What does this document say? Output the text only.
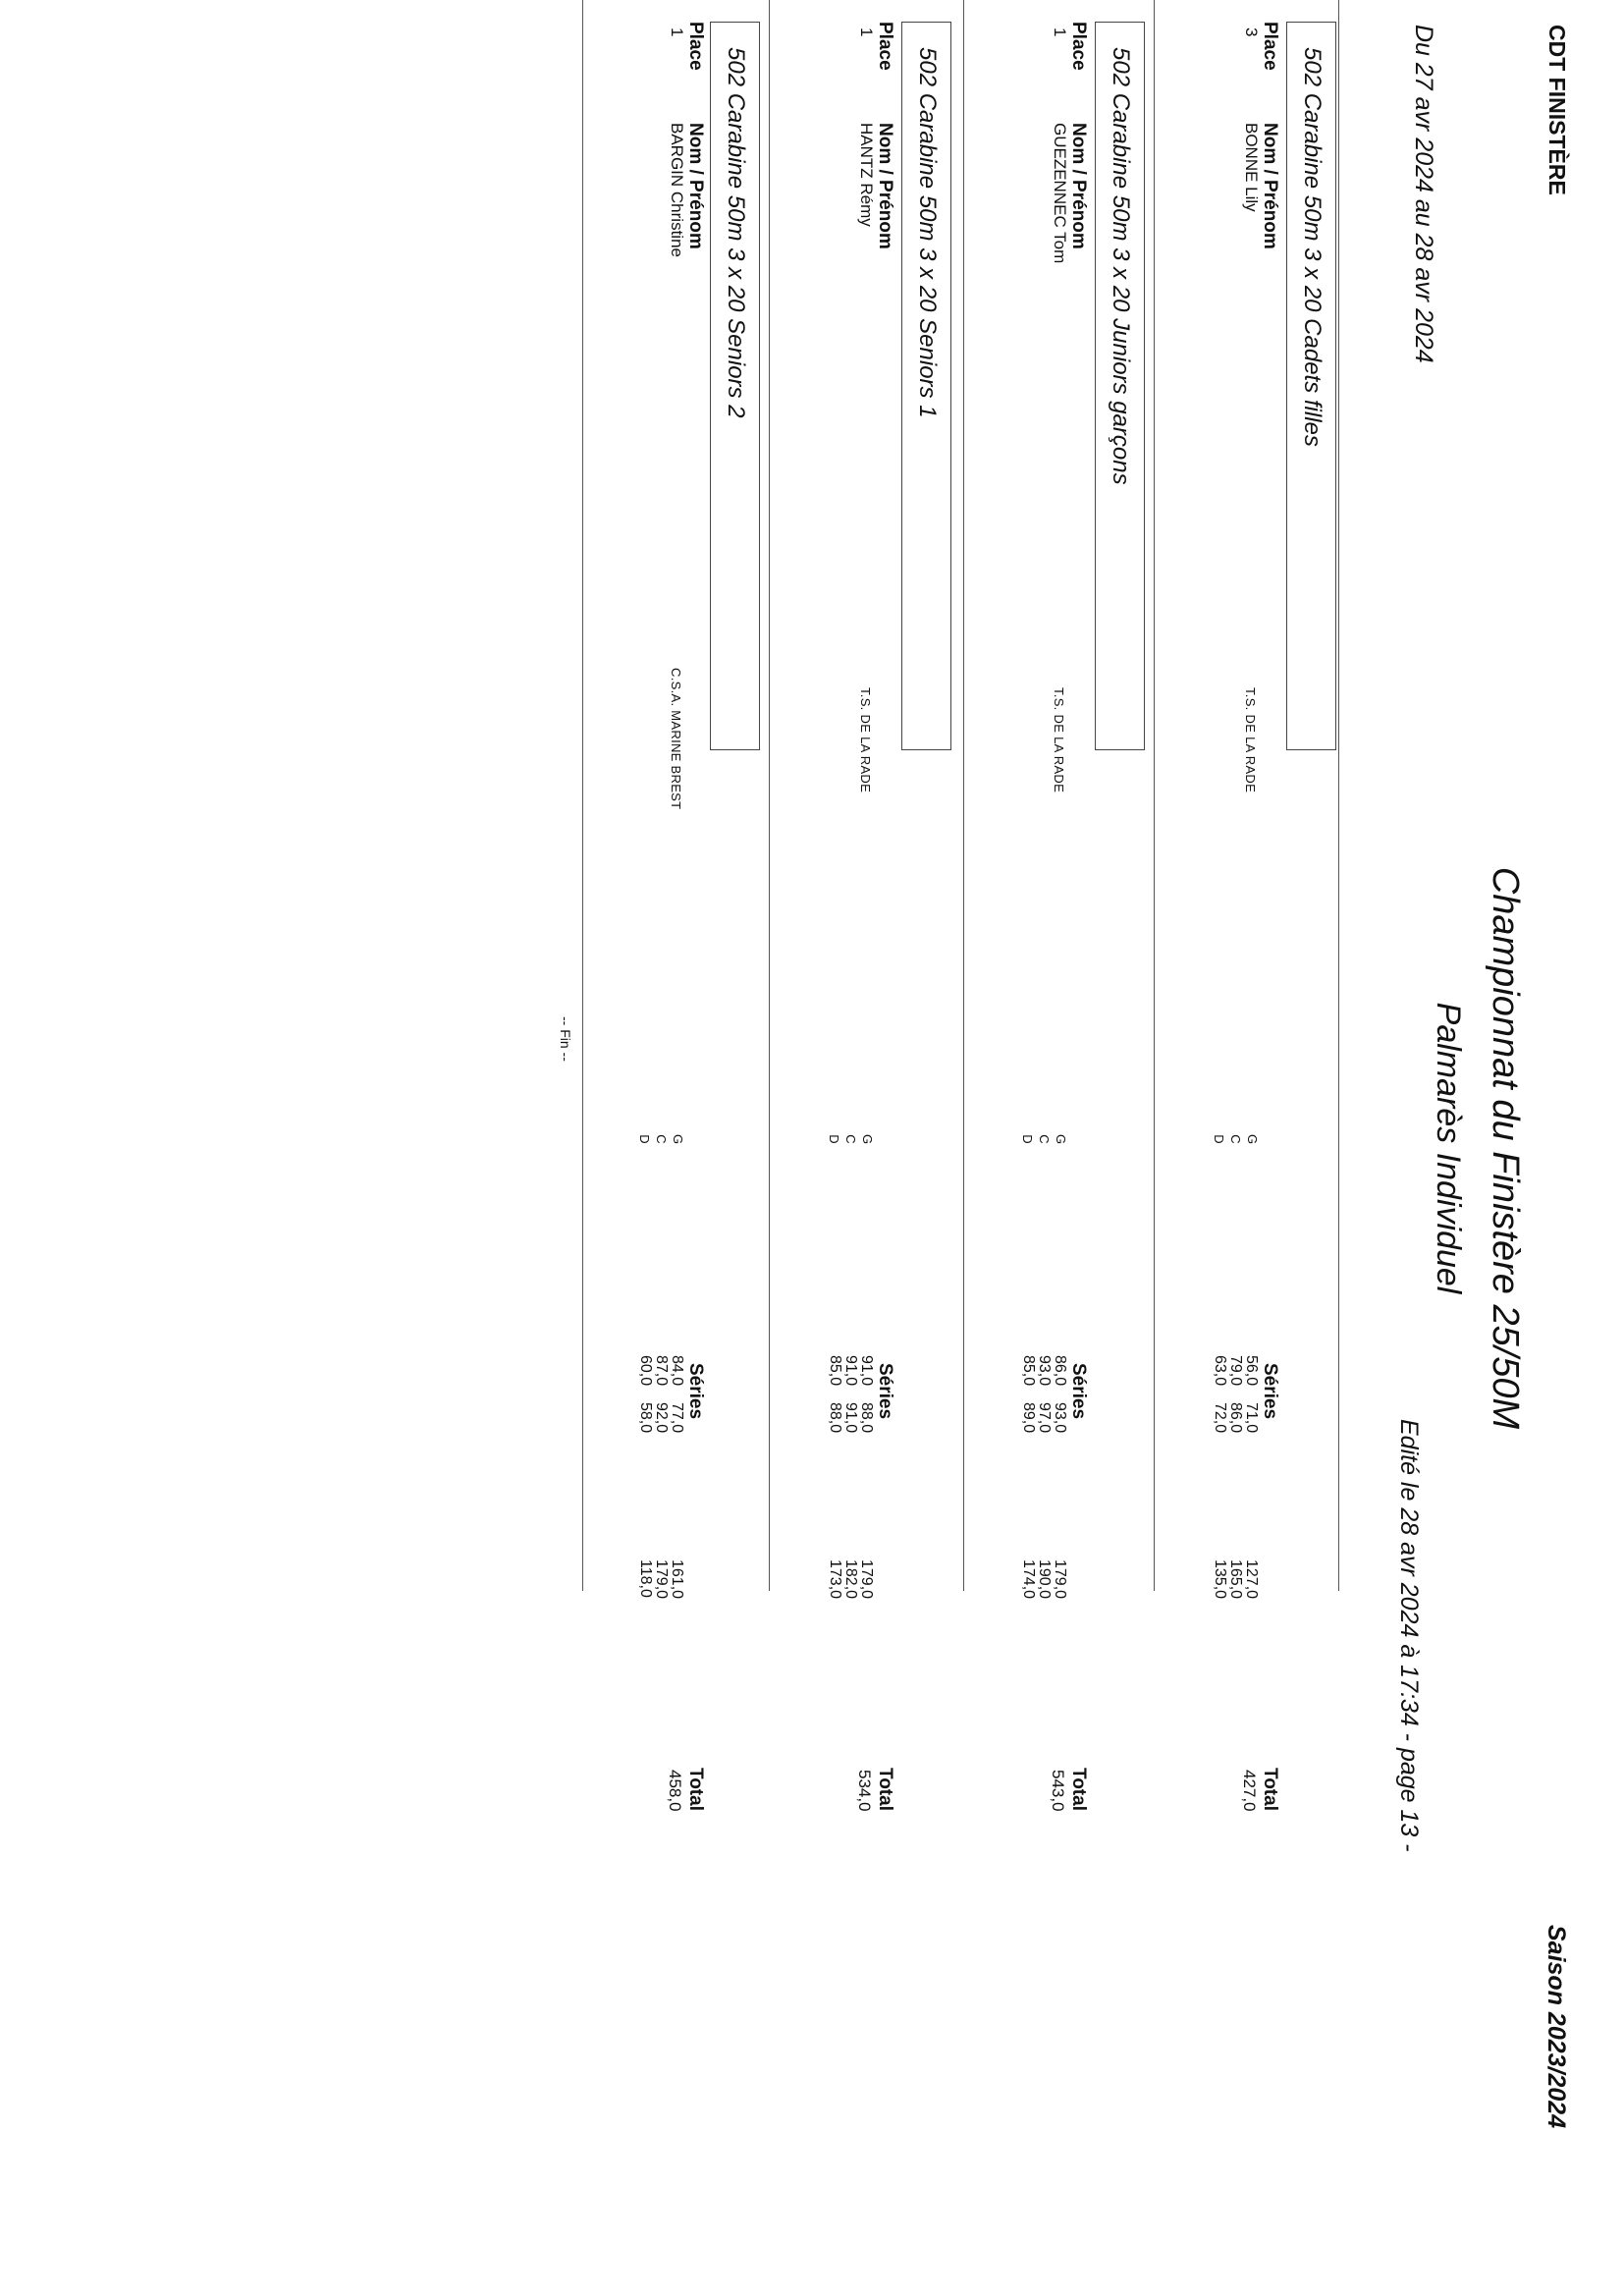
CDT FINISTÈRE
Saison 2023/2024
Championnat du Finistère 25/50M
Palmarès Individuel
Du 27 avr 2024 au 28 avr 2024
Edité le 28 avr 2024 à 17:34 - page 13 -
502 Carabine 50m 3 x 20 Cadets filles
Place
Nom / Prénom
Séries
Total
3
BONNE Lily
T.S. DE LA RADE
G
C
D
56,071,0
79,086,0
63,072,0
127,0
165,0
135,0
427,0
502 Carabine 50m 3 x 20 Juniors garçons
Place
Nom / Prénom
Séries
Total
1
GUEZENNEC Tom
T.S. DE LA RADE
G
C
D
86,093,0
93,097,0
85,089,0
179,0
190,0
174,0
543,0
502 Carabine 50m 3 x 20 Seniors 1
Place
Nom / Prénom
Séries
Total
1
HANTZ Rémy
T.S. DE LA RADE
G
C
D
91,088,0
91,091,0
85,088,0
179,0
182,0
173,0
534,0
502 Carabine 50m 3 x 20 Seniors 2
Place
Nom / Prénom
Séries
Total
1
BARGIN Christine
C.S.A. MARINE BREST
G
C
D
84,077,0
87,092,0
60,058,0
161,0
179,0
118,0
458,0
-- Fin --
